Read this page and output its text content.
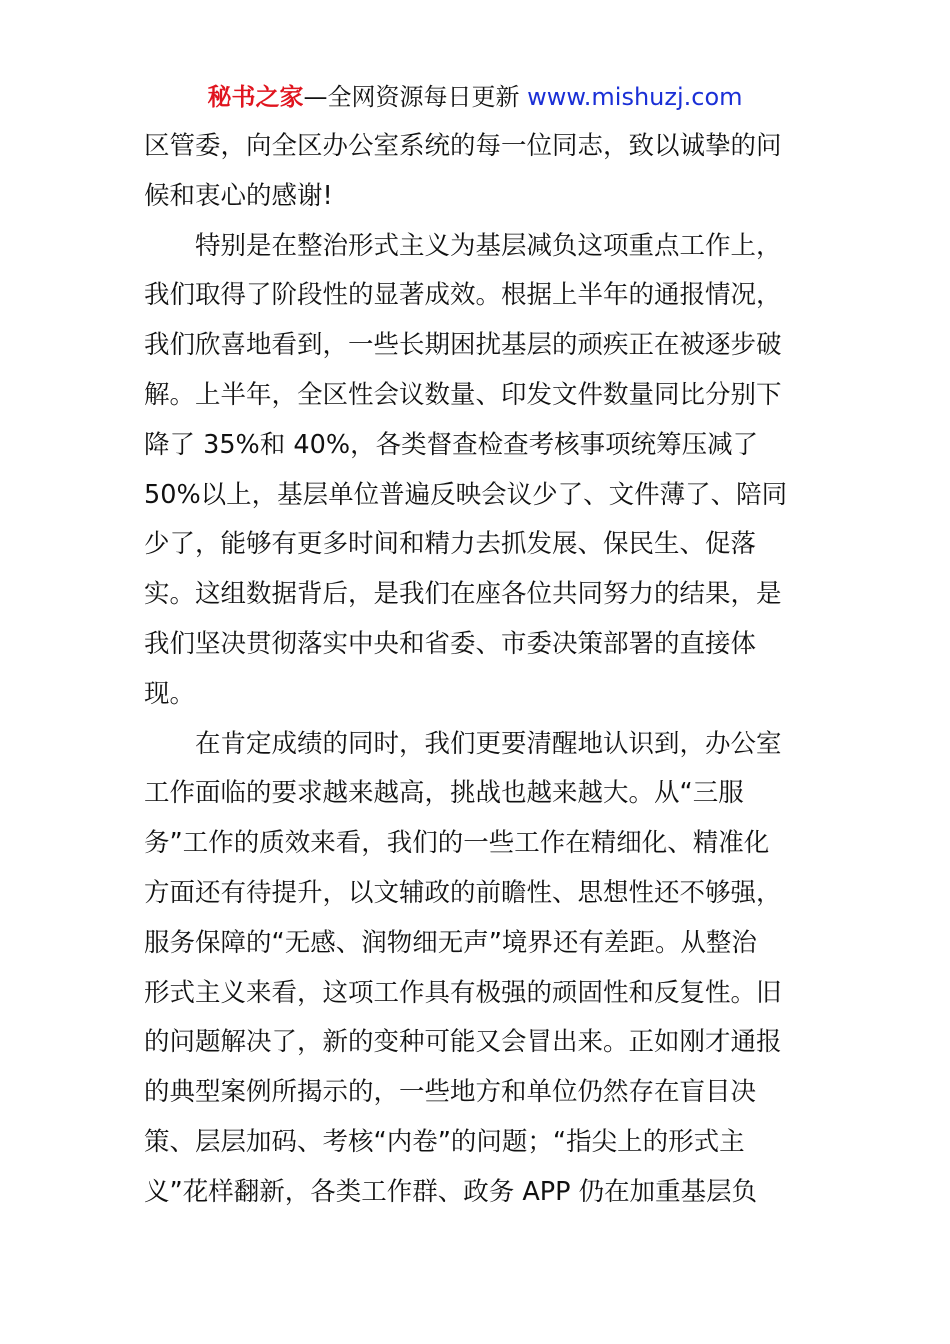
秘书之家—全网资源每日更新 www.mishuzj.com
区管委，向全区办公室系统的每一位同志，致以诚挚的问
候和衷心的感谢!
特别是在整治形式主义为基层减负这项重点工作上，
我们取得了阶段性的显著成效。根据上半年的通报情况，
我们欣喜地看到，一些长期困扰基层的顽疾正在被逐步破
解。上半年，全区性会议数量、印发文件数量同比分别下
降了 35%和 40%，各类督查检查考核事项统筹压减了
50%以上，基层单位普遍反映会议少了、文件薄了、陪同
少了，能够有更多时间和精力去抓发展、保民生、促落
实。这组数据背后，是我们在座各位共同努力的结果，是
我们坚决贯彻落实中央和省委、市委决策部署的直接体
现。
在肯定成绩的同时，我们更要清醒地认识到，办公室
工作面临的要求越来越高，挑战也越来越大。从“三服
务”工作的质效来看，我们的一些工作在精细化、精准化
方面还有待提升，以文辅政的前瞻性、思想性还不够强，
服务保障的“无感、润物细无声”境界还有差距。从整治
形式主义来看，这项工作具有极强的顽固性和反复性。旧
的问题解决了，新的变种可能又会冒出来。正如刚才通报
的典型案例所揭示的，一些地方和单位仍然存在盲目决
策、层层加码、考核“内卷”的问题；“指尖上的形式主
义”花样翻新，各类工作群、政务 APP 仍在加重基层负
